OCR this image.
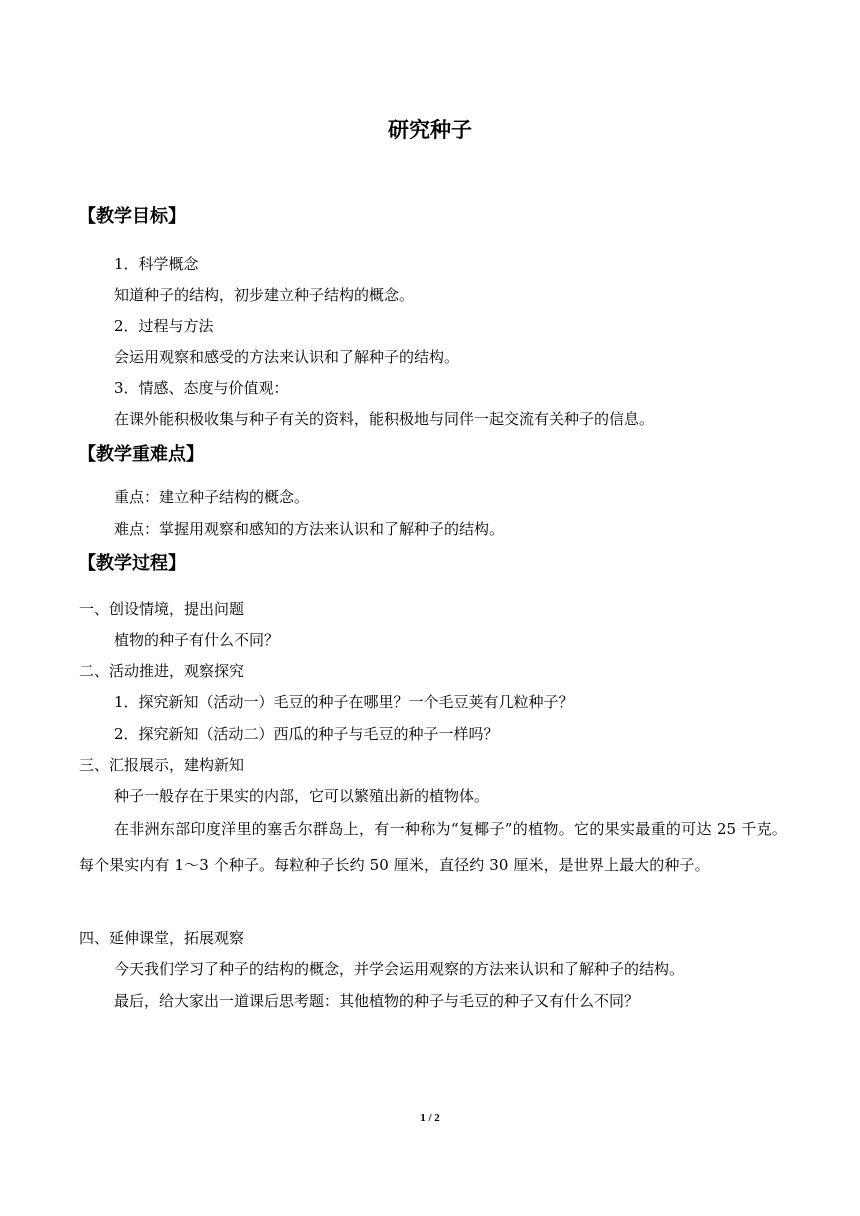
研究种子
【教学目标】
1．科学概念
知道种子的结构，初步建立种子结构的概念。
2．过程与方法
会运用观察和感受的方法来认识和了解种子的结构。
3．情感、态度与价值观：
在课外能积极收集与种子有关的资料，能积极地与同伴一起交流有关种子的信息。
【教学重难点】
重点：建立种子结构的概念。
难点：掌握用观察和感知的方法来认识和了解种子的结构。
【教学过程】
一、创设情境，提出问题
植物的种子有什么不同？
二、活动推进，观察探究
1．探究新知（活动一）毛豆的种子在哪里？一个毛豆荚有几粒种子？
2．探究新知（活动二）西瓜的种子与毛豆的种子一样吗？
三、汇报展示，建构新知
种子一般存在于果实的内部，它可以繁殖出新的植物体。
在非洲东部印度洋里的塞舌尔群岛上，有一种称为“复椰子”的植物。它的果实最重的可达 25 千克。每个果实内有 1～3 个种子。每粒种子长约 50 厘米，直径约 30 厘米，是世界上最大的种子。
四、延伸课堂，拓展观察
今天我们学习了种子的结构的概念，并学会运用观察的方法来认识和了解种子的结构。
最后，给大家出一道课后思考题：其他植物的种子与毛豆的种子又有什么不同？
1 / 2
